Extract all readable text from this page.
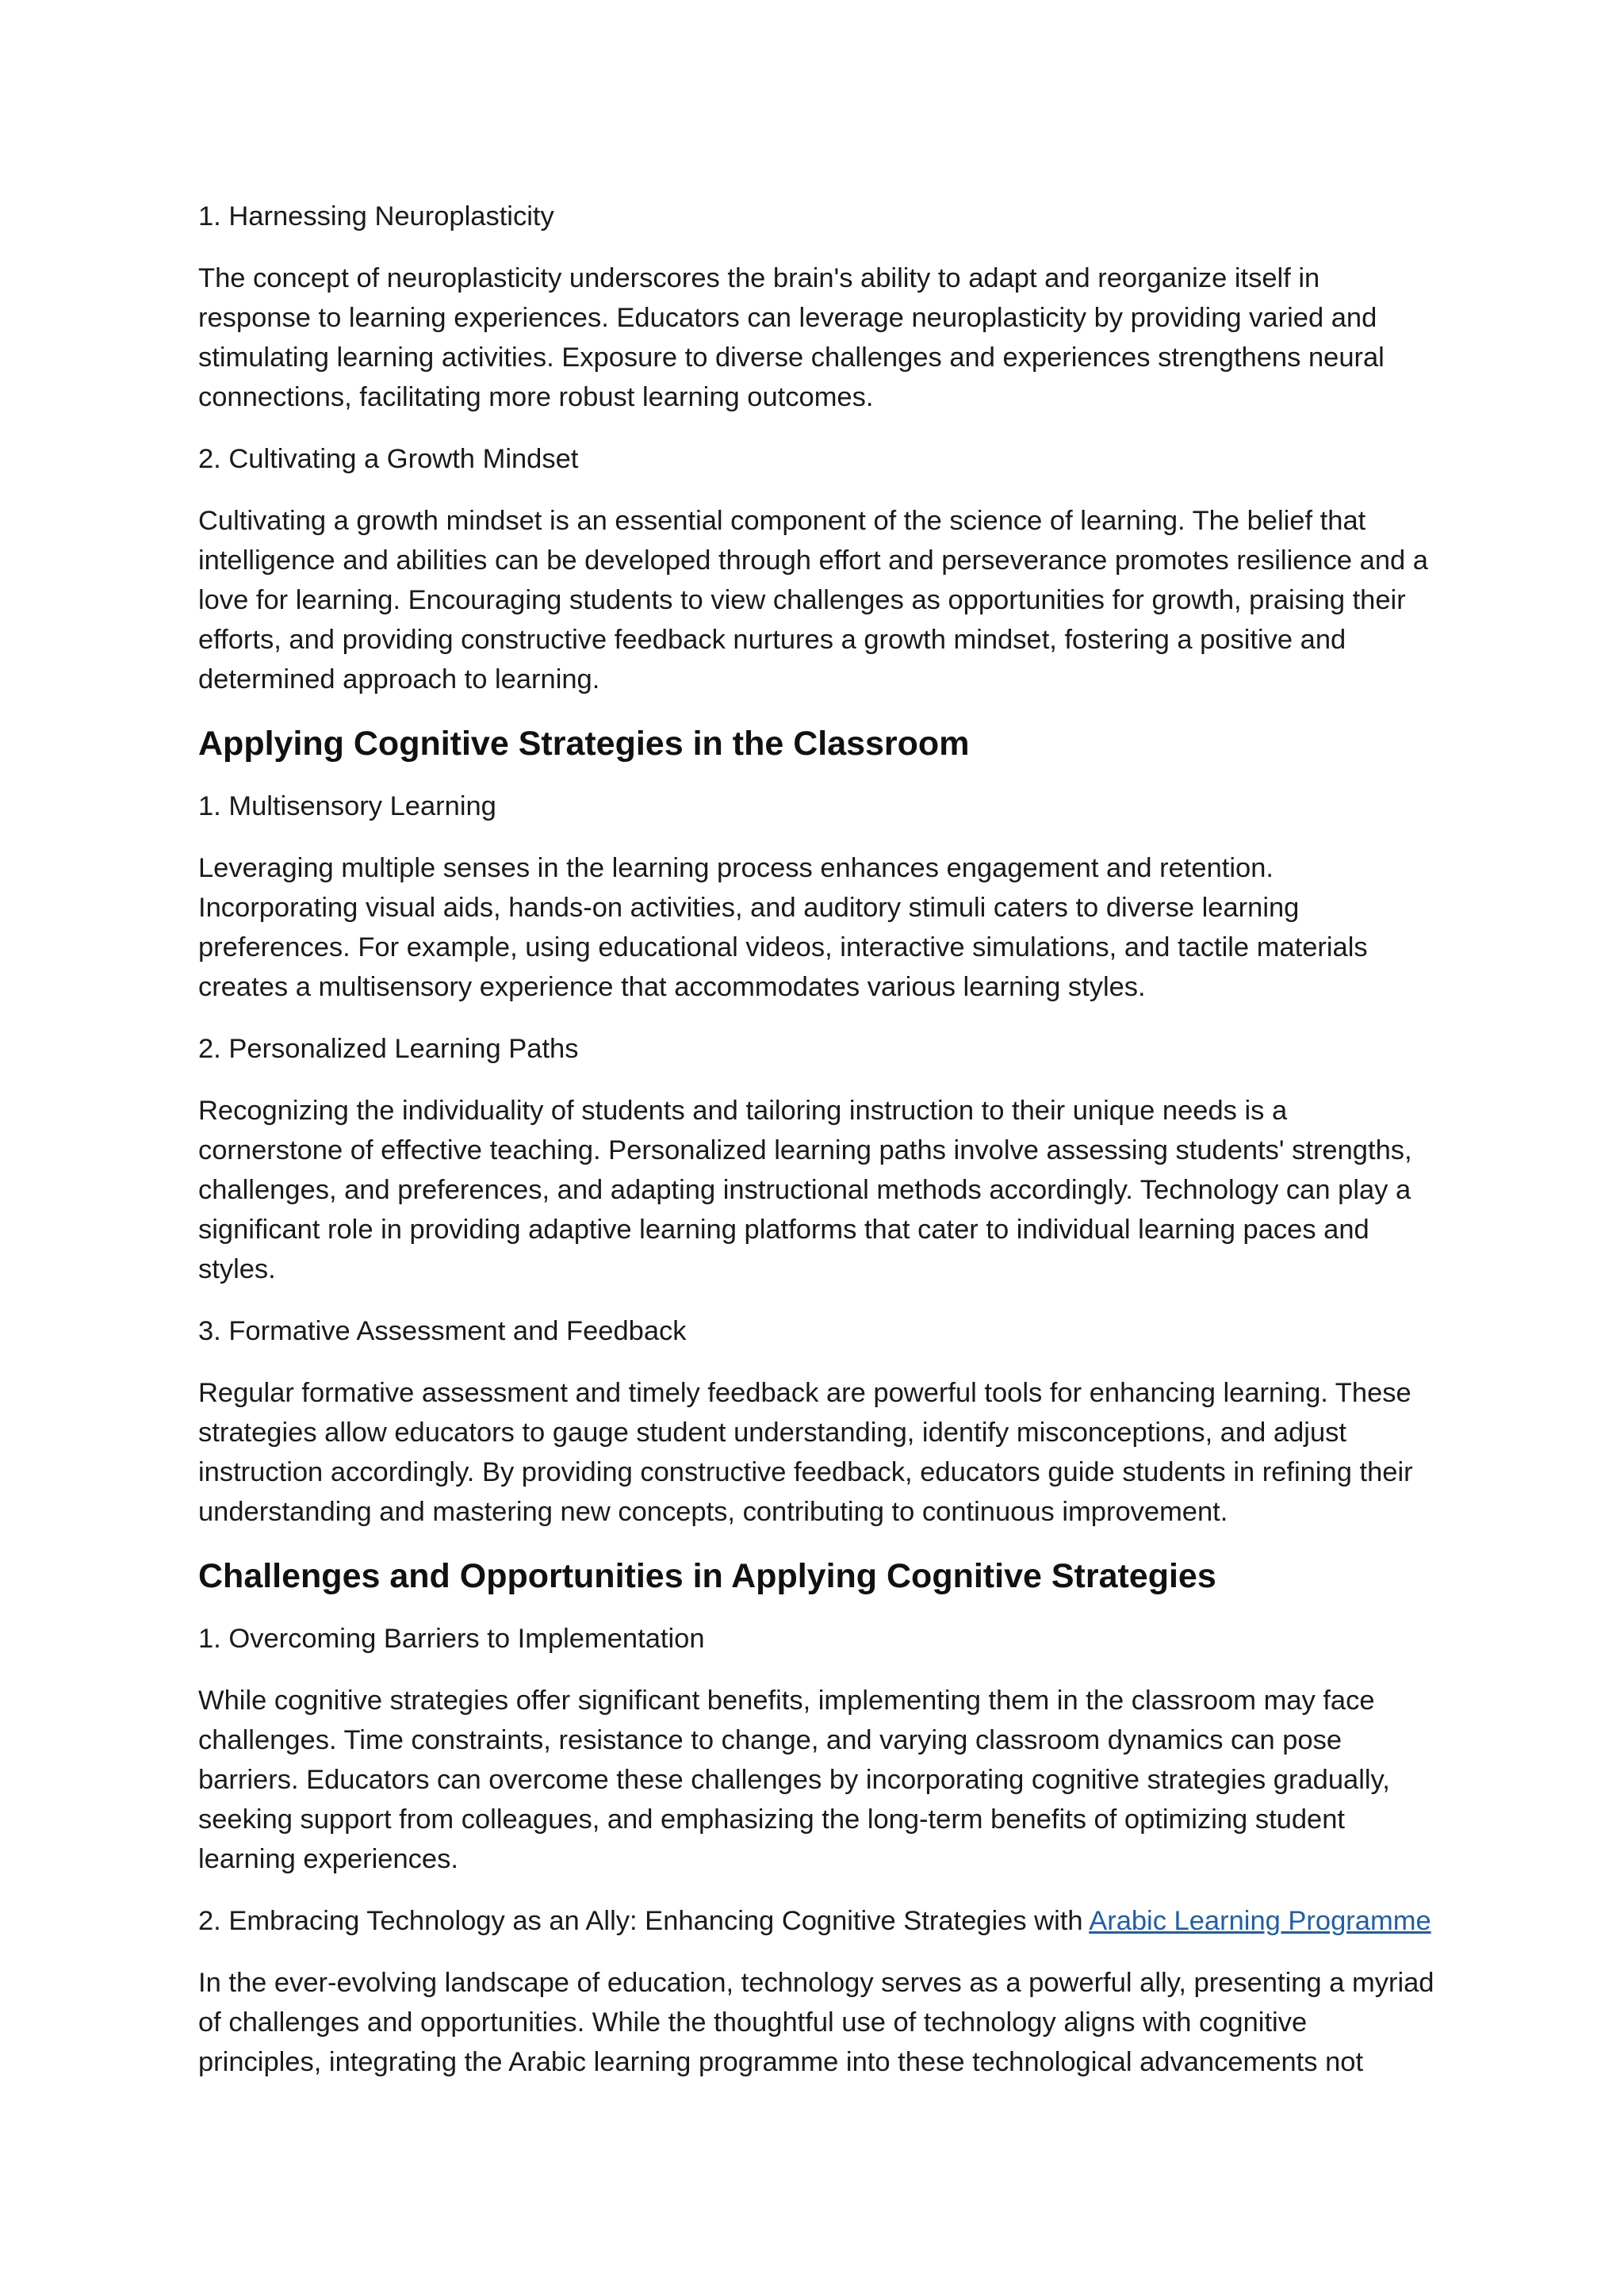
1. Harnessing Neuroplasticity

The concept of neuroplasticity underscores the brain's ability to adapt and reorganize itself in response to learning experiences. Educators can leverage neuroplasticity by providing varied and stimulating learning activities. Exposure to diverse challenges and experiences strengthens neural connections, facilitating more robust learning outcomes.

2. Cultivating a Growth Mindset

Cultivating a growth mindset is an essential component of the science of learning. The belief that intelligence and abilities can be developed through effort and perseverance promotes resilience and a love for learning. Encouraging students to view challenges as opportunities for growth, praising their efforts, and providing constructive feedback nurtures a growth mindset, fostering a positive and determined approach to learning.

Applying Cognitive Strategies in the Classroom

1. Multisensory Learning

Leveraging multiple senses in the learning process enhances engagement and retention. Incorporating visual aids, hands-on activities, and auditory stimuli caters to diverse learning preferences. For example, using educational videos, interactive simulations, and tactile materials creates a multisensory experience that accommodates various learning styles.

2. Personalized Learning Paths

Recognizing the individuality of students and tailoring instruction to their unique needs is a cornerstone of effective teaching. Personalized learning paths involve assessing students' strengths, challenges, and preferences, and adapting instructional methods accordingly. Technology can play a significant role in providing adaptive learning platforms that cater to individual learning paces and styles.

3. Formative Assessment and Feedback

Regular formative assessment and timely feedback are powerful tools for enhancing learning. These strategies allow educators to gauge student understanding, identify misconceptions, and adjust instruction accordingly. By providing constructive feedback, educators guide students in refining their understanding and mastering new concepts, contributing to continuous improvement.

Challenges and Opportunities in Applying Cognitive Strategies

1. Overcoming Barriers to Implementation

While cognitive strategies offer significant benefits, implementing them in the classroom may face challenges. Time constraints, resistance to change, and varying classroom dynamics can pose barriers. Educators can overcome these challenges by incorporating cognitive strategies gradually, seeking support from colleagues, and emphasizing the long-term benefits of optimizing student learning experiences.

2. Embracing Technology as an Ally: Enhancing Cognitive Strategies with Arabic Learning Programme

In the ever-evolving landscape of education, technology serves as a powerful ally, presenting a myriad of challenges and opportunities. While the thoughtful use of technology aligns with cognitive principles, integrating the Arabic learning programme into these technological advancements not
